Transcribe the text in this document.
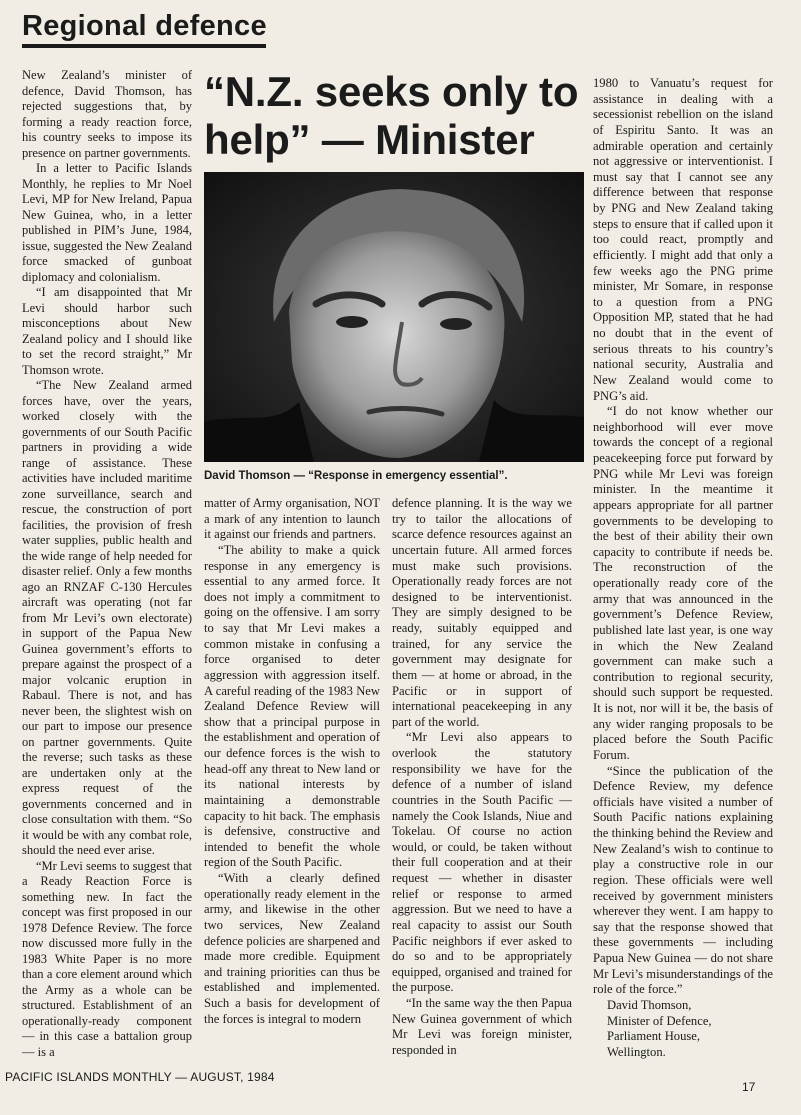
Regional defence
“N.Z. seeks only to
help” — Minister

David Thomson — “Response in emergency essential”.

New Zealand’s minister of defence, David Thomson, has rejected suggestions that, by forming a ready reaction force, his country seeks to impose its presence on partner governments.

In a letter to Pacific Islands Monthly, he replies to Mr Noel Levi, MP for New Ireland, Papua New Guinea, who, in a letter published in PIM’s June, 1984, issue, suggested the New Zealand force smacked of gunboat diplomacy and colonialism.

“I am disappointed that Mr Levi should harbor such misconceptions about New Zealand policy and I should like to set the record straight,” Mr Thomson wrote.

“The New Zealand armed forces have, over the years, worked closely with the governments of our South Pacific partners in providing a wide range of assistance. These activities have included maritime zone surveillance, search and rescue, the construction of port facilities, the provision of fresh water supplies, public health and the wide range of help needed for disaster relief. Only a few months ago an RNZAF C-130 Hercules aircraft was operating (not far from Mr Levi’s own electorate) in support of the Papua New Guinea government’s efforts to prepare against the prospect of a major volcanic eruption in Rabaul. There is not, and has never been, the slightest wish on our part to impose our presence on partner governments. Quite the reverse; such tasks as these are undertaken only at the express request of the governments concerned and in close consultation with them. “So it would be with any combat role, should the need ever arise.

“Mr Levi seems to suggest that a Ready Reaction Force is something new. In fact the concept was first proposed in our 1978 Defence Review. The force now discussed more fully in the 1983 White Paper is no more than a core element around which the Army as a whole can be structured. Establishment of an operationally-ready component — in this case a battalion group — is a

matter of Army organisation, NOT a mark of any intention to launch it against our friends and partners.

“The ability to make a quick response in any emergency is essential to any armed force. It does not imply a commitment to going on the offensive. I am sorry to say that Mr Levi makes a common mistake in confusing a force organised to deter aggression with aggression itself. A careful reading of the 1983 New Zealand Defence Review will show that a principal purpose in the establishment and operation of our defence forces is the wish to head-off any threat to New land or its national interests by maintaining a demonstrable capacity to hit back. The emphasis is defensive, constructive and intended to benefit the whole region of the South Pacific.

“With a clearly defined operationally ready element in the army, and likewise in the other two services, New Zealand defence policies are sharpened and made more credible. Equipment and training priorities can thus be established and implemented. Such a basis for development of the forces is integral to modern

defence planning. It is the way we try to tailor the allocations of scarce defence resources against an uncertain future. All armed forces must make such provisions. Operationally ready forces are not designed to be interventionist. They are simply designed to be ready, suitably equipped and trained, for any service the government may designate for them — at home or abroad, in the Pacific or in support of international peacekeeping in any part of the world.

“Mr Levi also appears to overlook the statutory responsibility we have for the defence of a number of island countries in the South Pacific — namely the Cook Islands, Niue and Tokelau. Of course no action would, or could, be taken without their full cooperation and at their request — whether in disaster relief or response to armed aggression. But we need to have a real capacity to assist our South Pacific neighbors if ever asked to do so and to be appropriately equipped, organised and trained for the purpose.

“In the same way the then Papua New Guinea government of which Mr Levi was foreign minister, responded in

1980 to Vanuatu’s request for assistance in dealing with a secessionist rebellion on the island of Espiritu Santo. It was an admirable operation and certainly not aggressive or interventionist. I must say that I cannot see any difference between that response by PNG and New Zealand taking steps to ensure that if called upon it too could react, promptly and efficiently. I might add that only a few weeks ago the PNG prime minister, Mr Somare, in response to a question from a PNG Opposition MP, stated that he had no doubt that in the event of serious threats to his country’s national security, Australia and New Zealand would come to PNG’s aid.

“I do not know whether our neighborhood will ever move towards the concept of a regional peacekeeping force put forward by PNG while Mr Levi was foreign minister. In the meantime it appears appropriate for all partner governments to be developing to the best of their ability their own capacity to contribute if needs be. The reconstruction of the operationally ready core of the army that was announced in the government’s Defence Review, published late last year, is one way in which the New Zealand government can make such a contribution to regional security, should such support be requested. It is not, nor will it be, the basis of any wider ranging proposals to be placed before the South Pacific Forum.

“Since the publication of the Defence Review, my defence officials have visited a number of South Pacific nations explaining the thinking behind the Review and New Zealand’s wish to continue to play a constructive role in our region. These officials were well received by government ministers wherever they went. I am happy to say that the response showed that these governments — including Papua New Guinea — do not share Mr Levi’s misunderstandings of the role of the force.”

David Thomson,

Minister of Defence,

Parliament House,

Wellington.

PACIFIC ISLANDS MONTHLY — AUGUST, 1984
17
